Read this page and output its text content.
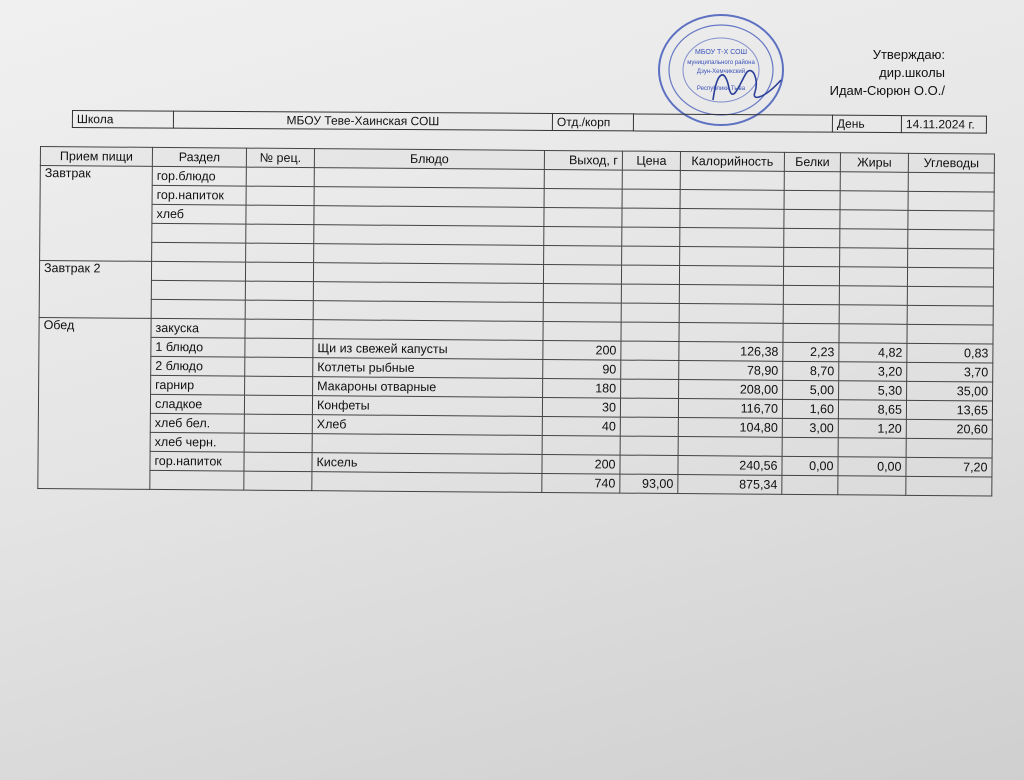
МБОУ Т-Х СОШ
муниципального района
Дзун-Хемчикский
Республики Тыва
Утверждаю:
дир.школы
Идам-Сюрюн О.О./
Школа	МБОУ Теве-Хаинская СОШ	Отд./корп		День	14.11.2024 г.
Прием пищи	Раздел	№ рец.	Блюдо	Выход, г	Цена	Калорийность	Белки	Жиры	Углеводы
Завтрак	гор.блюдо								
	гор.напиток								
	хлеб								

Завтрак 2									

Обед	закуска								
	1 блюдо		Щи из свежей капусты	200		126,38	2,23	4,82	0,83
	2 блюдо		Котлеты рыбные	90		78,90	8,70	3,20	3,70
	гарнир		Макароны отварные	180		208,00	5,00	5,30	35,00
	сладкое		Конфеты	30		116,70	1,60	8,65	13,65
	хлеб бел.		Хлеб	40		104,80	3,00	1,20	20,60
	хлеб черн.								
	гор.напиток		Кисель	200		240,56	0,00	0,00	7,20
				740	93,00	875,34			
